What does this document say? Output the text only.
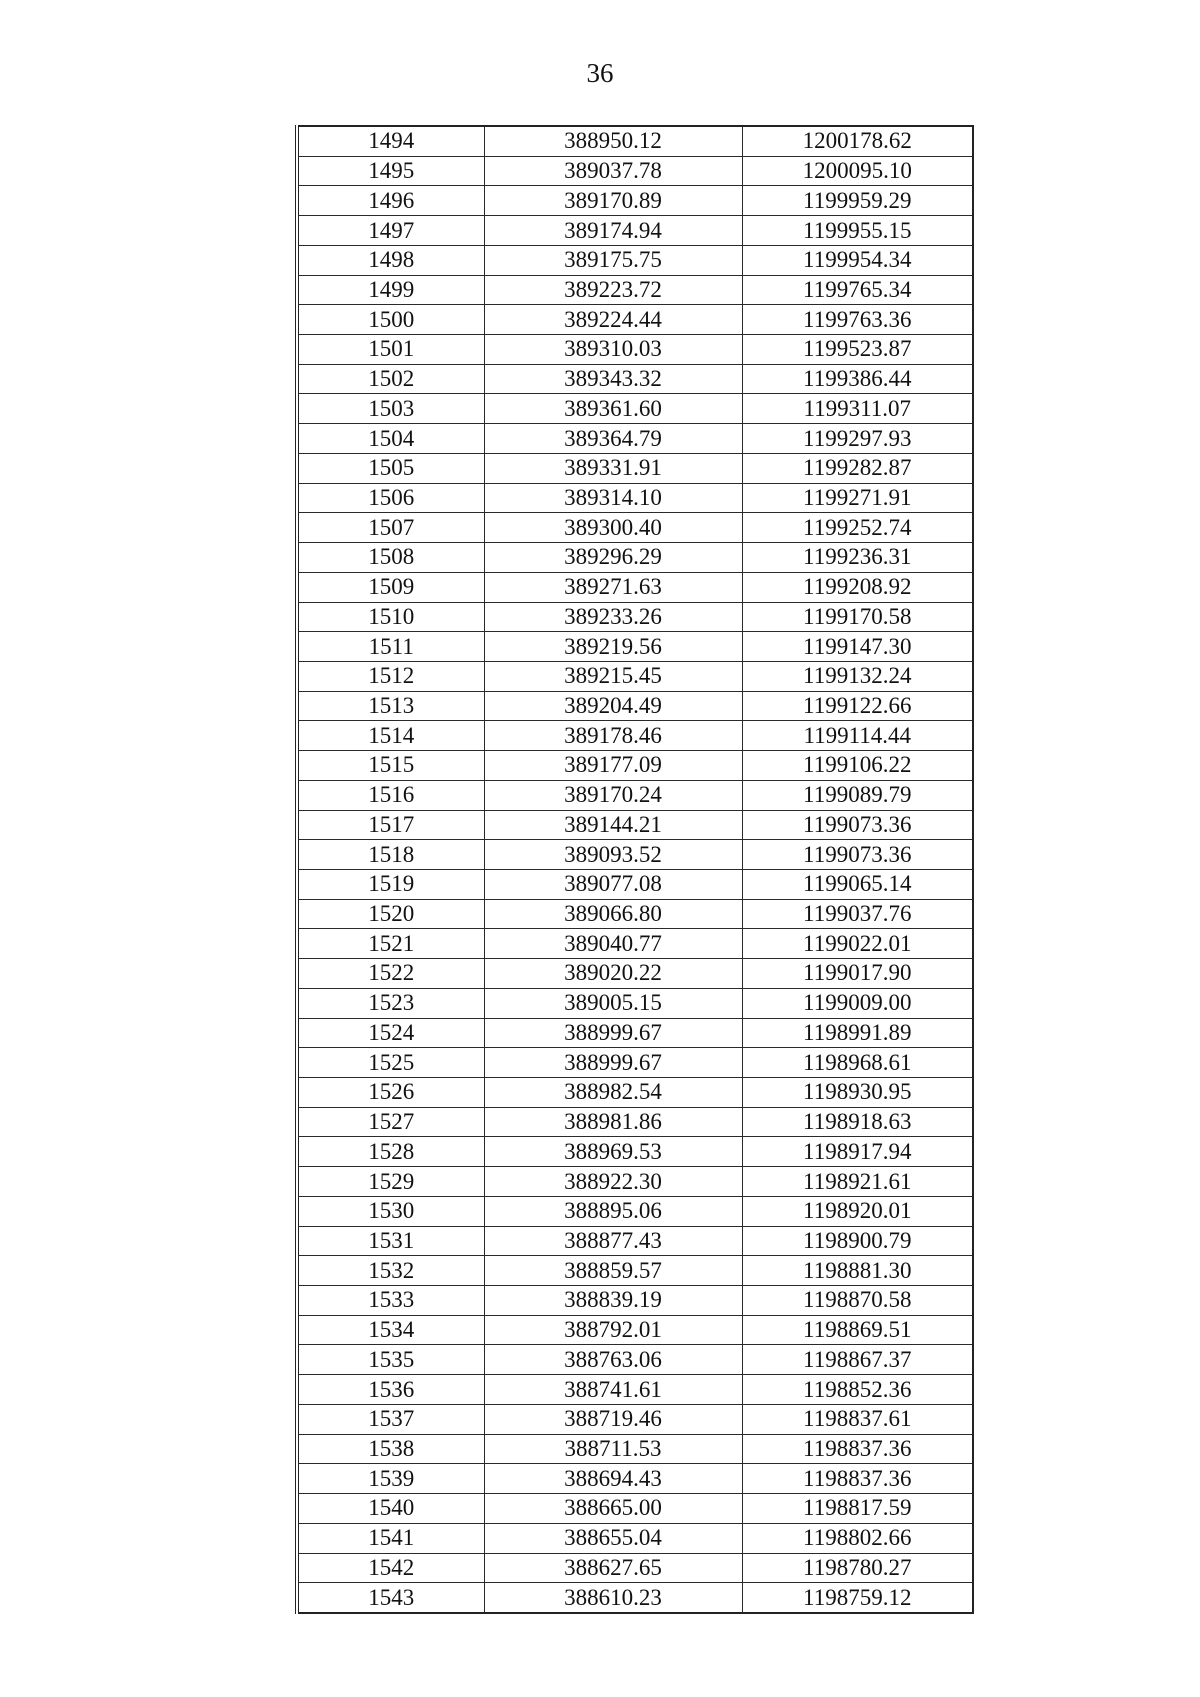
36
1494	388950.12	1200178.62
1495	389037.78	1200095.10
1496	389170.89	1199959.29
1497	389174.94	1199955.15
1498	389175.75	1199954.34
1499	389223.72	1199765.34
1500	389224.44	1199763.36
1501	389310.03	1199523.87
1502	389343.32	1199386.44
1503	389361.60	1199311.07
1504	389364.79	1199297.93
1505	389331.91	1199282.87
1506	389314.10	1199271.91
1507	389300.40	1199252.74
1508	389296.29	1199236.31
1509	389271.63	1199208.92
1510	389233.26	1199170.58
1511	389219.56	1199147.30
1512	389215.45	1199132.24
1513	389204.49	1199122.66
1514	389178.46	1199114.44
1515	389177.09	1199106.22
1516	389170.24	1199089.79
1517	389144.21	1199073.36
1518	389093.52	1199073.36
1519	389077.08	1199065.14
1520	389066.80	1199037.76
1521	389040.77	1199022.01
1522	389020.22	1199017.90
1523	389005.15	1199009.00
1524	388999.67	1198991.89
1525	388999.67	1198968.61
1526	388982.54	1198930.95
1527	388981.86	1198918.63
1528	388969.53	1198917.94
1529	388922.30	1198921.61
1530	388895.06	1198920.01
1531	388877.43	1198900.79
1532	388859.57	1198881.30
1533	388839.19	1198870.58
1534	388792.01	1198869.51
1535	388763.06	1198867.37
1536	388741.61	1198852.36
1537	388719.46	1198837.61
1538	388711.53	1198837.36
1539	388694.43	1198837.36
1540	388665.00	1198817.59
1541	388655.04	1198802.66
1542	388627.65	1198780.27
1543	388610.23	1198759.12
